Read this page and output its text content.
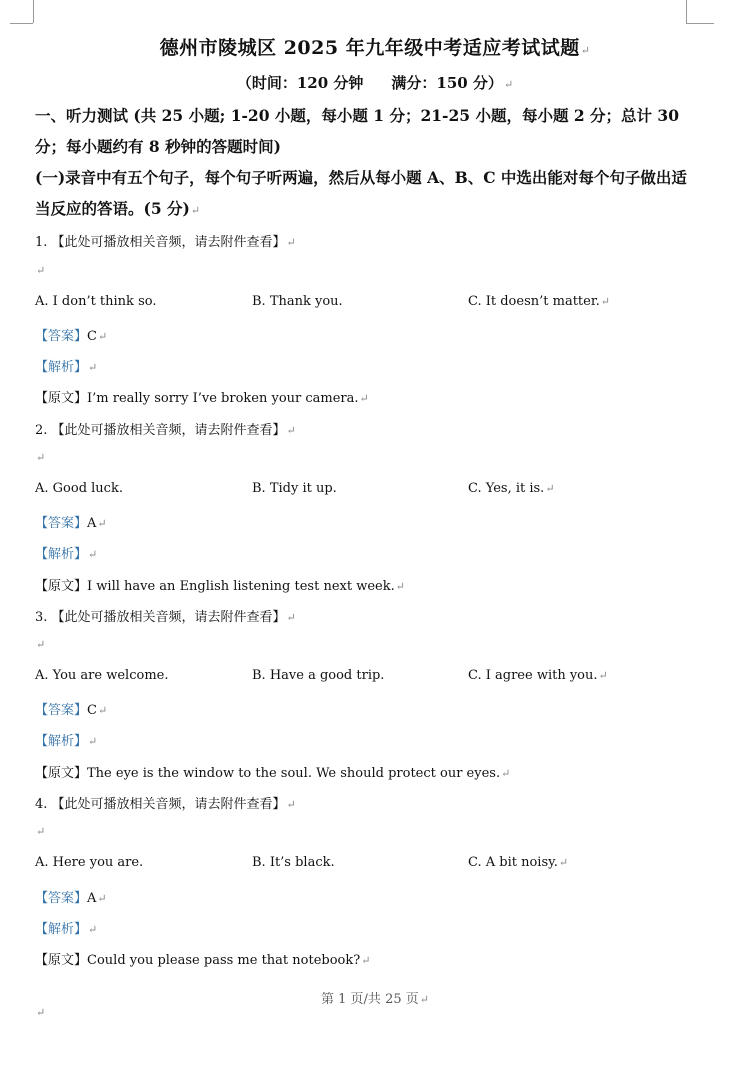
德州市陵城区 2025 年九年级中考适应考试试题↵
（时间：120 分钟 满分：150 分）↵
一、听力测试 (共 25 小题; 1-20 小题，每小题 1 分；21-25 小题，每小题 2 分；总计 30 分；每小题约有 8 秒钟的答题时间)
(一)录音中有五个句子，每个句子听两遍，然后从每小题 A、B、C 中选出能对每个句子做出适当反应的答语。(5 分)↵
1. 【此处可播放相关音频，请去附件查看】↵
↵
A. I don’t think so.	B. Thank you.	C. It doesn’t matter.↵
【答案】C↵
【解析】↵
【原文】I’m really sorry I’ve broken your camera.↵
2. 【此处可播放相关音频，请去附件查看】↵
↵
A. Good luck.	B. Tidy it up.	C. Yes, it is.↵
【答案】A↵
【解析】↵
【原文】I will have an English listening test next week.↵
3. 【此处可播放相关音频，请去附件查看】↵
↵
A. You are welcome.	B. Have a good trip.	C. I agree with you.↵
【答案】C↵
【解析】↵
【原文】The eye is the window to the soul. We should protect our eyes.↵
4. 【此处可播放相关音频，请去附件查看】↵
↵
A. Here you are.	B. It’s black.	C. A bit noisy.↵
【答案】A↵
【解析】↵
【原文】Could you please pass me that notebook?↵
第 1 页/共 25 页↵
↵
